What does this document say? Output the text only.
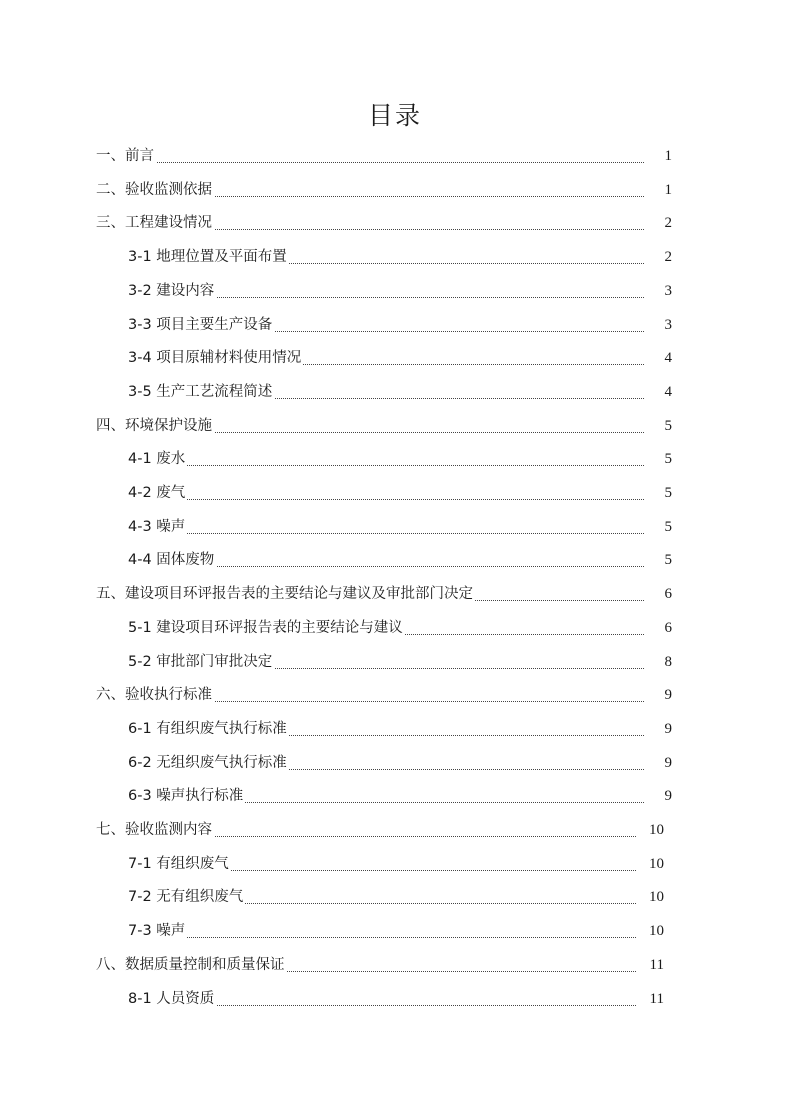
目录
一、前言	1
二、验收监测依据	1
三、工程建设情况	2
3-1 地理位置及平面布置	2
3-2 建设内容	3
3-3 项目主要生产设备	3
3-4 项目原辅材料使用情况	4
3-5 生产工艺流程简述	4
四、环境保护设施	5
4-1 废水	5
4-2 废气	5
4-3 噪声	5
4-4 固体废物	5
五、建设项目环评报告表的主要结论与建议及审批部门决定	6
5-1 建设项目环评报告表的主要结论与建议	6
5-2 审批部门审批决定	8
六、验收执行标准	9
6-1 有组织废气执行标准	9
6-2 无组织废气执行标准	9
6-3 噪声执行标准	9
七、验收监测内容	10
7-1 有组织废气	10
7-2 无有组织废气	10
7-3 噪声	10
八、数据质量控制和质量保证	11
8-1 人员资质	11
